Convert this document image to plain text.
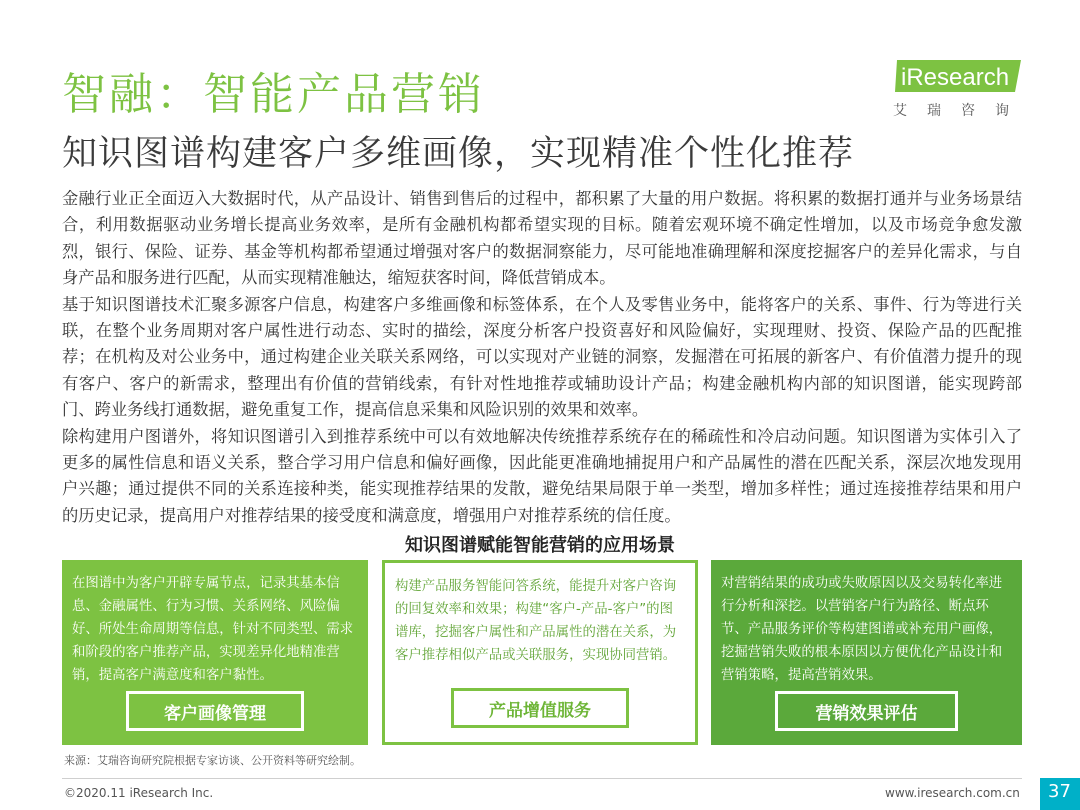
智融：智能产品营销
知识图谱构建客户多维画像，实现精准个性化推荐
iResearch
艾瑞咨询

金融行业正全面迈入大数据时代，从产品设计、销售到售后的过程中，都积累了大量的用户数据。将积累的数据打通并与业务场景结合，利用数据驱动业务增长提高业务效率，是所有金融机构都希望实现的目标。随着宏观环境不确定性增加，以及市场竞争愈发激烈，银行、保险、证券、基金等机构都希望通过增强对客户的数据洞察能力，尽可能地准确理解和深度挖掘客户的差异化需求，与自身产品和服务进行匹配，从而实现精准触达，缩短获客时间，降低营销成本。

基于知识图谱技术汇聚多源客户信息，构建客户多维画像和标签体系，在个人及零售业务中，能将客户的关系、事件、行为等进行关联，在整个业务周期对客户属性进行动态、实时的描绘，深度分析客户投资喜好和风险偏好，实现理财、投资、保险产品的匹配推荐；在机构及对公业务中，通过构建企业关联关系网络，可以实现对产业链的洞察，发掘潜在可拓展的新客户、有价值潜力提升的现有客户、客户的新需求，整理出有价值的营销线索，有针对性地推荐或辅助设计产品；构建金融机构内部的知识图谱，能实现跨部门、跨业务线打通数据，避免重复工作，提高信息采集和风险识别的效果和效率。

除构建用户图谱外，将知识图谱引入到推荐系统中可以有效地解决传统推荐系统存在的稀疏性和冷启动问题。知识图谱为实体引入了更多的属性信息和语义关系，整合学习用户信息和偏好画像，因此能更准确地捕捉用户和产品属性的潜在匹配关系，深层次地发现用户兴趣；通过提供不同的关系连接种类，能实现推荐结果的发散，避免结果局限于单一类型，增加多样性；通过连接推荐结果和用户的历史记录，提高用户对推荐结果的接受度和满意度，增强用户对推荐系统的信任度。

知识图谱赋能智能营销的应用场景
在图谱中为客户开辟专属节点，记录其基本信息、金融属性、行为习惯、关系网络、风险偏好、所处生命周期等信息，针对不同类型、需求和阶段的客户推荐产品，实现差异化地精准营销，提高客户满意度和客户黏性。
客户画像管理
构建产品服务智能问答系统，能提升对客户咨询的回复效率和效果；构建“客户-产品-客户”的图谱库，挖掘客户属性和产品属性的潜在关系，为客户推荐相似产品或关联服务，实现协同营销。
产品增值服务
对营销结果的成功或失败原因以及交易转化率进行分析和深挖。以营销客户行为路径、断点环节、产品服务评价等构建图谱或补充用户画像，挖掘营销失败的根本原因以方便优化产品设计和营销策略，提高营销效果。
营销效果评估
来源：艾瑞咨询研究院根据专家访谈、公开资料等研究绘制。
©2020.11 iResearch Inc.	www.iresearch.com.cn 37
